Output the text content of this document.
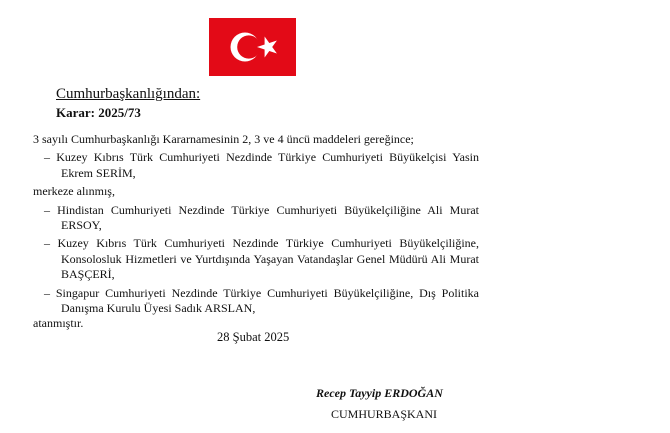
Cumhurbaşkanlığından:
Karar: 2025/73

3 sayılı Cumhurbaşkanlığı Kararnamesinin 2, 3 ve 4 üncü maddeleri gereğince;

– Kuzey Kıbrıs Türk Cumhuriyeti Nezdinde Türkiye Cumhuriyeti Büyükelçisi Yasin Ekrem SERİM,

merkeze alınmış,

– Hindistan Cumhuriyeti Nezdinde Türkiye Cumhuriyeti Büyükelçiliğine Ali Murat ERSOY,

– Kuzey Kıbrıs Türk Cumhuriyeti Nezdinde Türkiye Cumhuriyeti Büyükelçiliğine, Konsolosluk Hizmetleri ve Yurtdışında Yaşayan Vatandaşlar Genel Müdürü Ali Murat BAŞÇERİ,

– Singapur Cumhuriyeti Nezdinde Türkiye Cumhuriyeti Büyükelçiliğine, Dış Politika Danışma Kurulu Üyesi Sadık ARSLAN,

atanmıştır.

28 Şubat 2025
Recep Tayyip ERDOĞAN
CUMHURBAŞKANI
